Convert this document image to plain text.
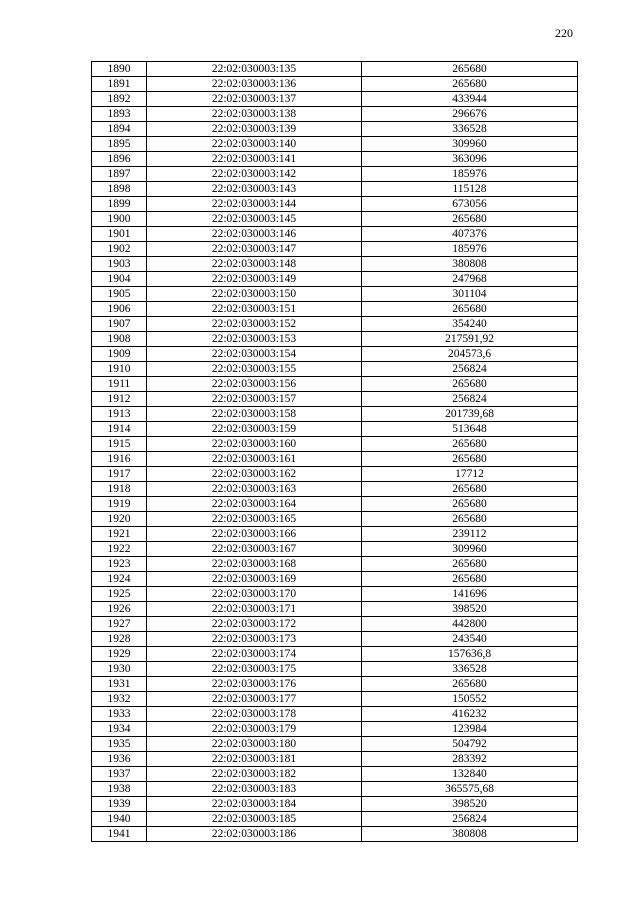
220
1890	22:02:030003:135	265680
1891	22:02:030003:136	265680
1892	22:02:030003:137	433944
1893	22:02:030003:138	296676
1894	22:02:030003:139	336528
1895	22:02:030003:140	309960
1896	22:02:030003:141	363096
1897	22:02:030003:142	185976
1898	22:02:030003:143	115128
1899	22:02:030003:144	673056
1900	22:02:030003:145	265680
1901	22:02:030003:146	407376
1902	22:02:030003:147	185976
1903	22:02:030003:148	380808
1904	22:02:030003:149	247968
1905	22:02:030003:150	301104
1906	22:02:030003:151	265680
1907	22:02:030003:152	354240
1908	22:02:030003:153	217591,92
1909	22:02:030003:154	204573,6
1910	22:02:030003:155	256824
1911	22:02:030003:156	265680
1912	22:02:030003:157	256824
1913	22:02:030003:158	201739,68
1914	22:02:030003:159	513648
1915	22:02:030003:160	265680
1916	22:02:030003:161	265680
1917	22:02:030003:162	17712
1918	22:02:030003:163	265680
1919	22:02:030003:164	265680
1920	22:02:030003:165	265680
1921	22:02:030003:166	239112
1922	22:02:030003:167	309960
1923	22:02:030003:168	265680
1924	22:02:030003:169	265680
1925	22:02:030003:170	141696
1926	22:02:030003:171	398520
1927	22:02:030003:172	442800
1928	22:02:030003:173	243540
1929	22:02:030003:174	157636,8
1930	22:02:030003:175	336528
1931	22:02:030003:176	265680
1932	22:02:030003:177	150552
1933	22:02:030003:178	416232
1934	22:02:030003:179	123984
1935	22:02:030003:180	504792
1936	22:02:030003:181	283392
1937	22:02:030003:182	132840
1938	22:02:030003:183	365575,68
1939	22:02:030003:184	398520
1940	22:02:030003:185	256824
1941	22:02:030003:186	380808
